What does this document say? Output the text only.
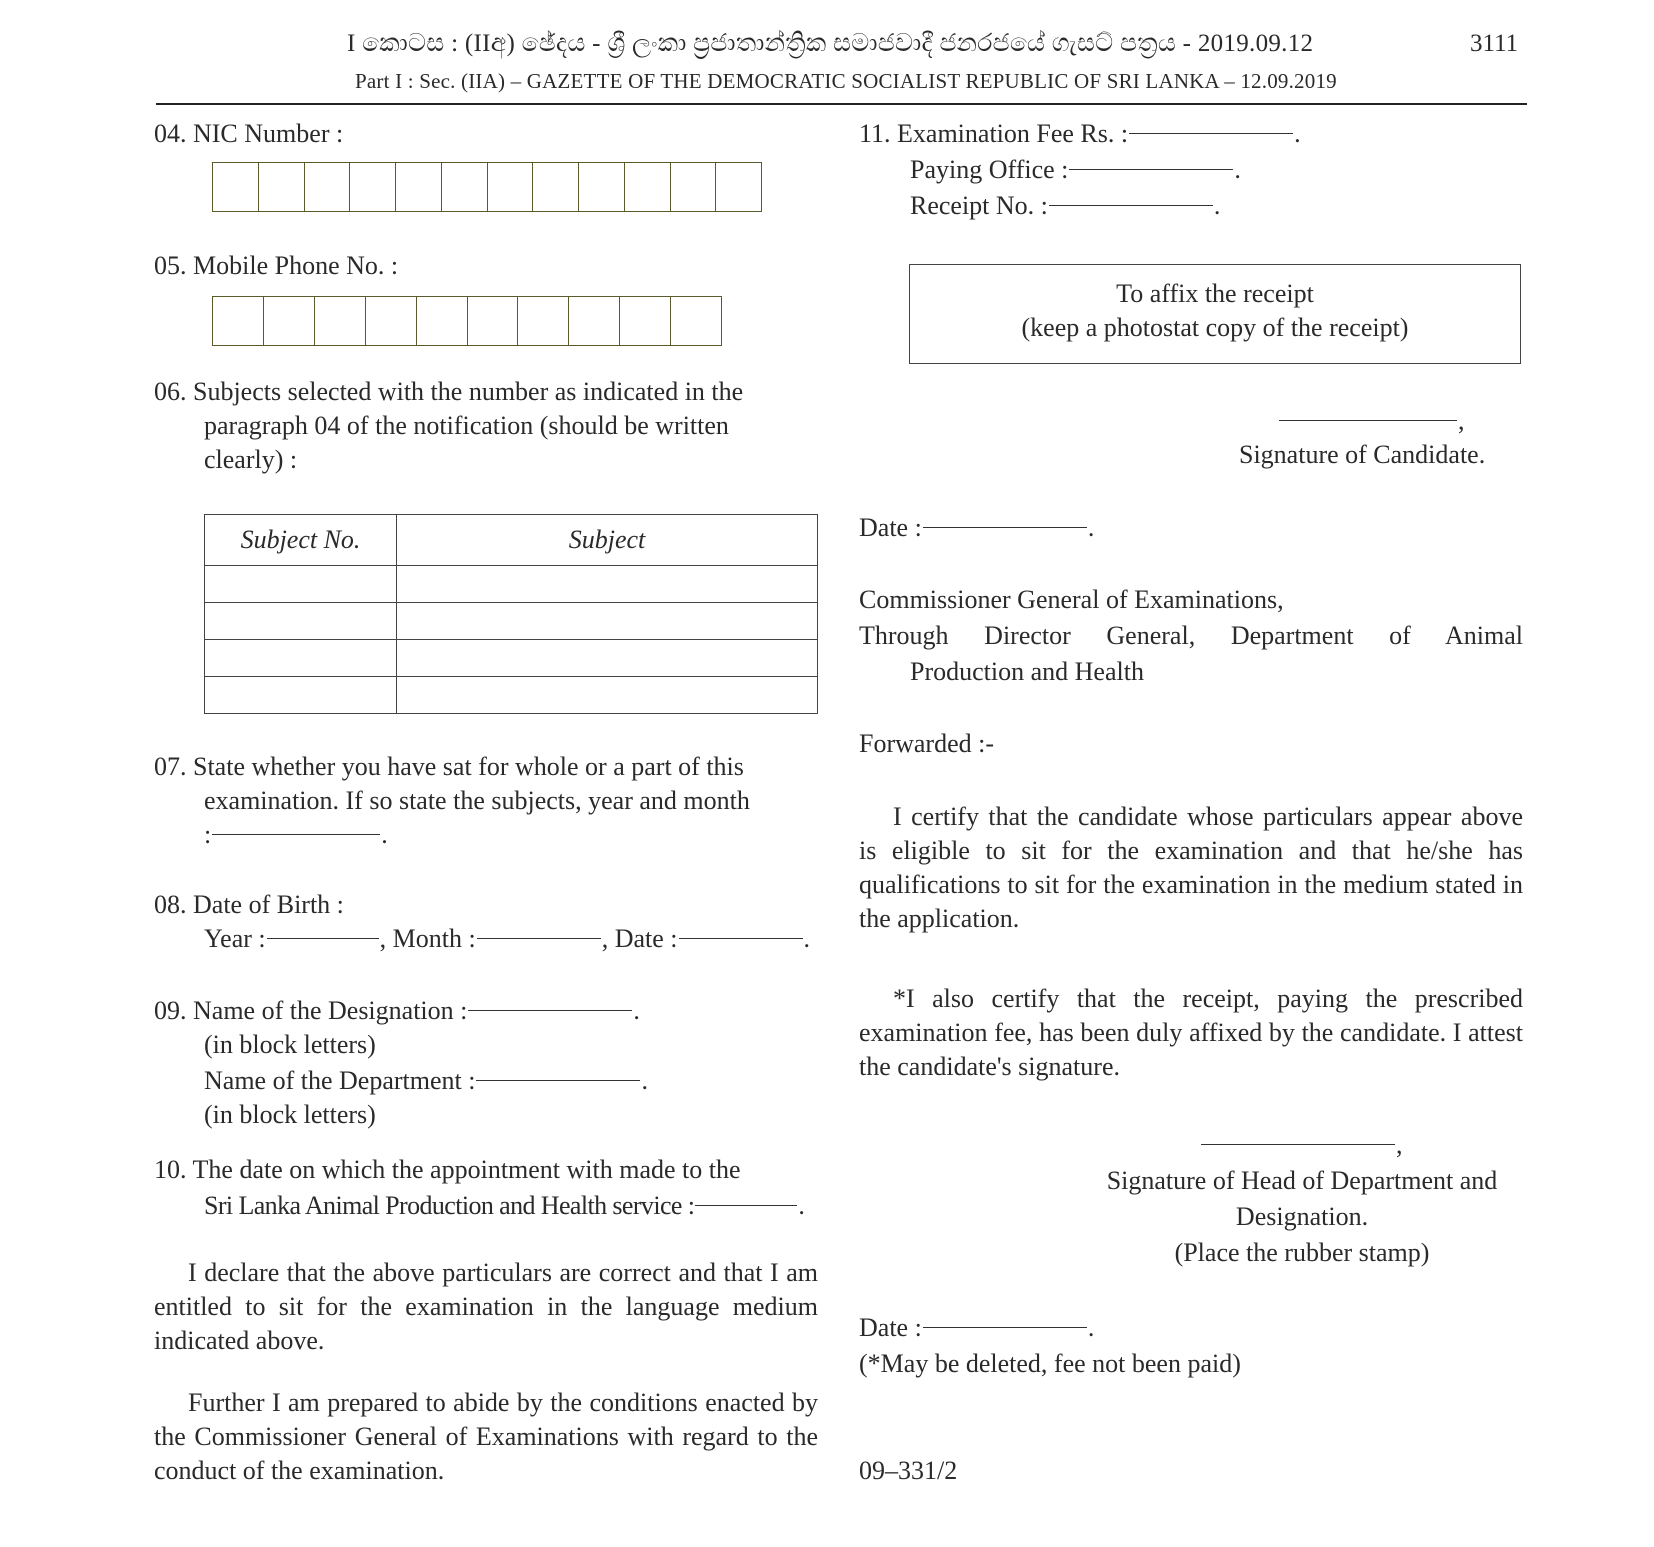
I කොටස : (IIඅ) ඡේදය - ශ්‍රී ලංකා ප්‍රජාතාන්ත්‍රික සමාජවාදී ජනරජයේ ගැසට් පත්‍රය - 2019.09.12	3111
Part I : Sec. (IIA) – GAZETTE OF THE DEMOCRATIC SOCIALIST REPUBLIC OF SRI LANKA – 12.09.2019
04. NIC Number :
05. Mobile Phone No. :
06. Subjects selected with the number as indicated in the
paragraph 04 of the notification (should be written
clearly) :
Subject No.	Subject

07. State whether you have sat for whole or a part of this
examination. If so state the subjects, year and month
:	.
08. Date of Birth :
Year :	, Month :	, Date :	.
09. Name of the Designation :	.
(in block letters)
Name of the Department :	.
(in block letters)
10. The date on which the appointment with made to the
Sri Lanka Animal Production and Health service :	.
I declare that the above particulars are correct and that I am entitled to sit for the examination in the language medium indicated above.
Further I am prepared to abide by the conditions enacted by the Commissioner General of Examinations with regard to the conduct of the examination.
11. Examination Fee Rs. :	.
Paying Office :	.
Receipt No. :	.
To affix the receipt
(keep a photostat copy of the receipt)
,
Signature of Candidate.
Date :	.
Commissioner General of Examinations,
Through Director General, Department of Animal
Production and Health
Forwarded :-
I certify that the candidate whose particulars appear above is eligible to sit for the examination and that he/she has qualifications to sit for the examination in the medium stated in the application.
*I also certify that the receipt, paying the prescribed examination fee, has been duly affixed by the candidate. I attest the candidate's signature.
,
Signature of Head of Department and
Designation.
(Place the rubber stamp)
Date :	.
(*May be deleted, fee not been paid)
09–331/2
